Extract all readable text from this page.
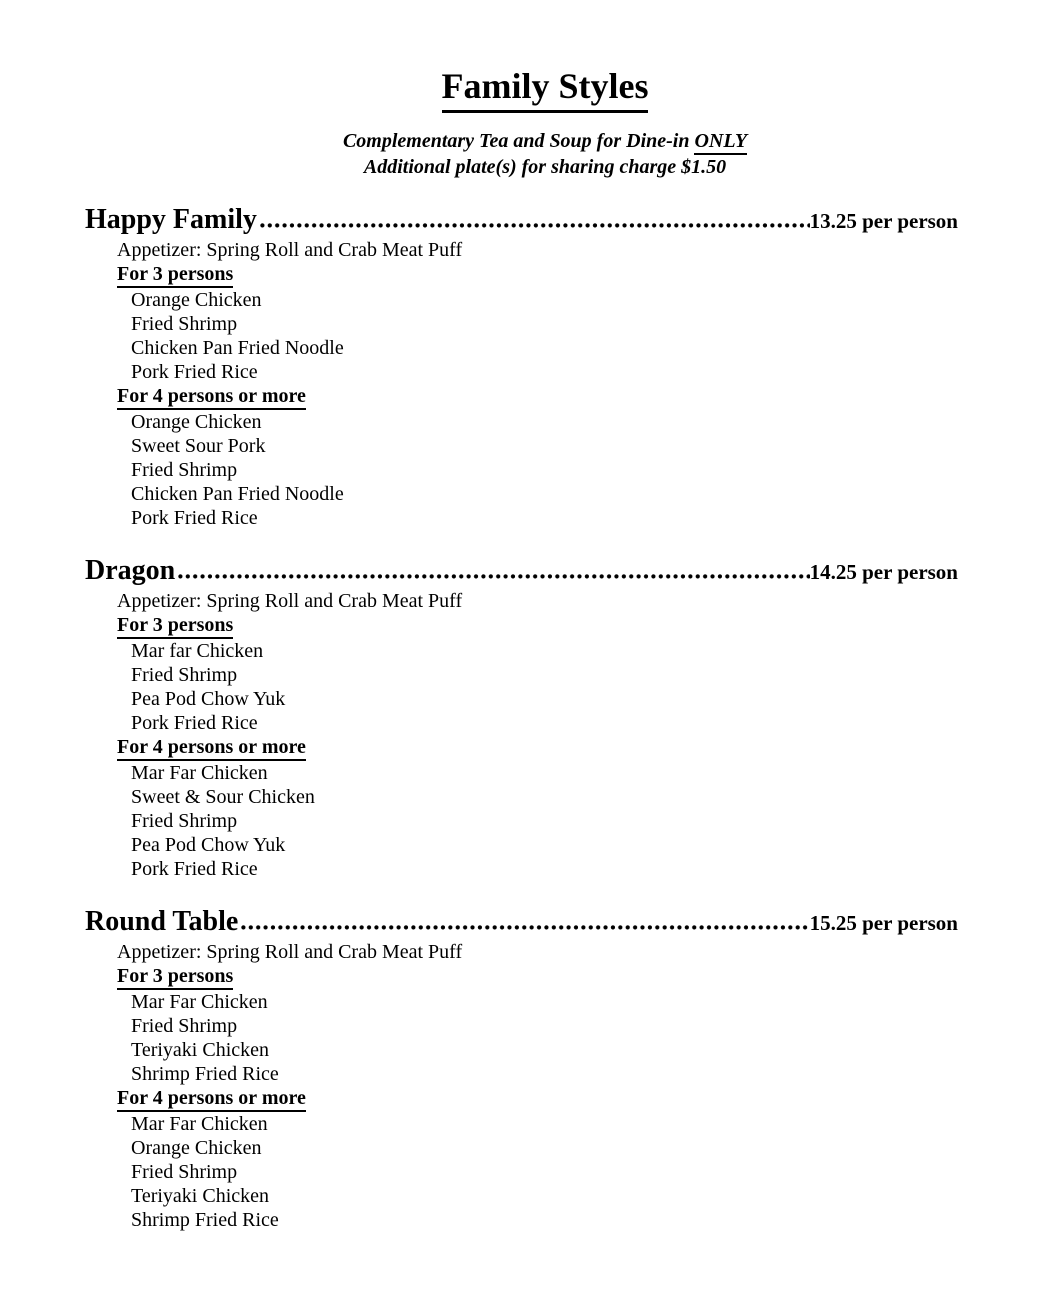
Family Styles
Complementary Tea and Soup for Dine-in ONLY
Additional plate(s) for sharing charge $1.50
Happy Family	13.25 per person
Appetizer: Spring Roll and Crab Meat Puff
For 3 persons
Orange Chicken
Fried Shrimp
Chicken Pan Fried Noodle
Pork Fried Rice
For 4 persons or more
Orange Chicken
Sweet Sour Pork
Fried Shrimp
Chicken Pan Fried Noodle
Pork Fried Rice
Dragon	14.25 per person
Appetizer: Spring Roll and Crab Meat Puff
For 3 persons
Mar far Chicken
Fried Shrimp
Pea Pod Chow Yuk
Pork Fried Rice
For 4 persons or more
Mar Far Chicken
Sweet & Sour Chicken
Fried Shrimp
Pea Pod Chow Yuk
Pork Fried Rice
Round Table	15.25 per person
Appetizer: Spring Roll and Crab Meat Puff
For 3 persons
Mar Far Chicken
Fried Shrimp
Teriyaki Chicken
Shrimp Fried Rice
For 4 persons or more
Mar Far Chicken
Orange Chicken
Fried Shrimp
Teriyaki Chicken
Shrimp Fried Rice
